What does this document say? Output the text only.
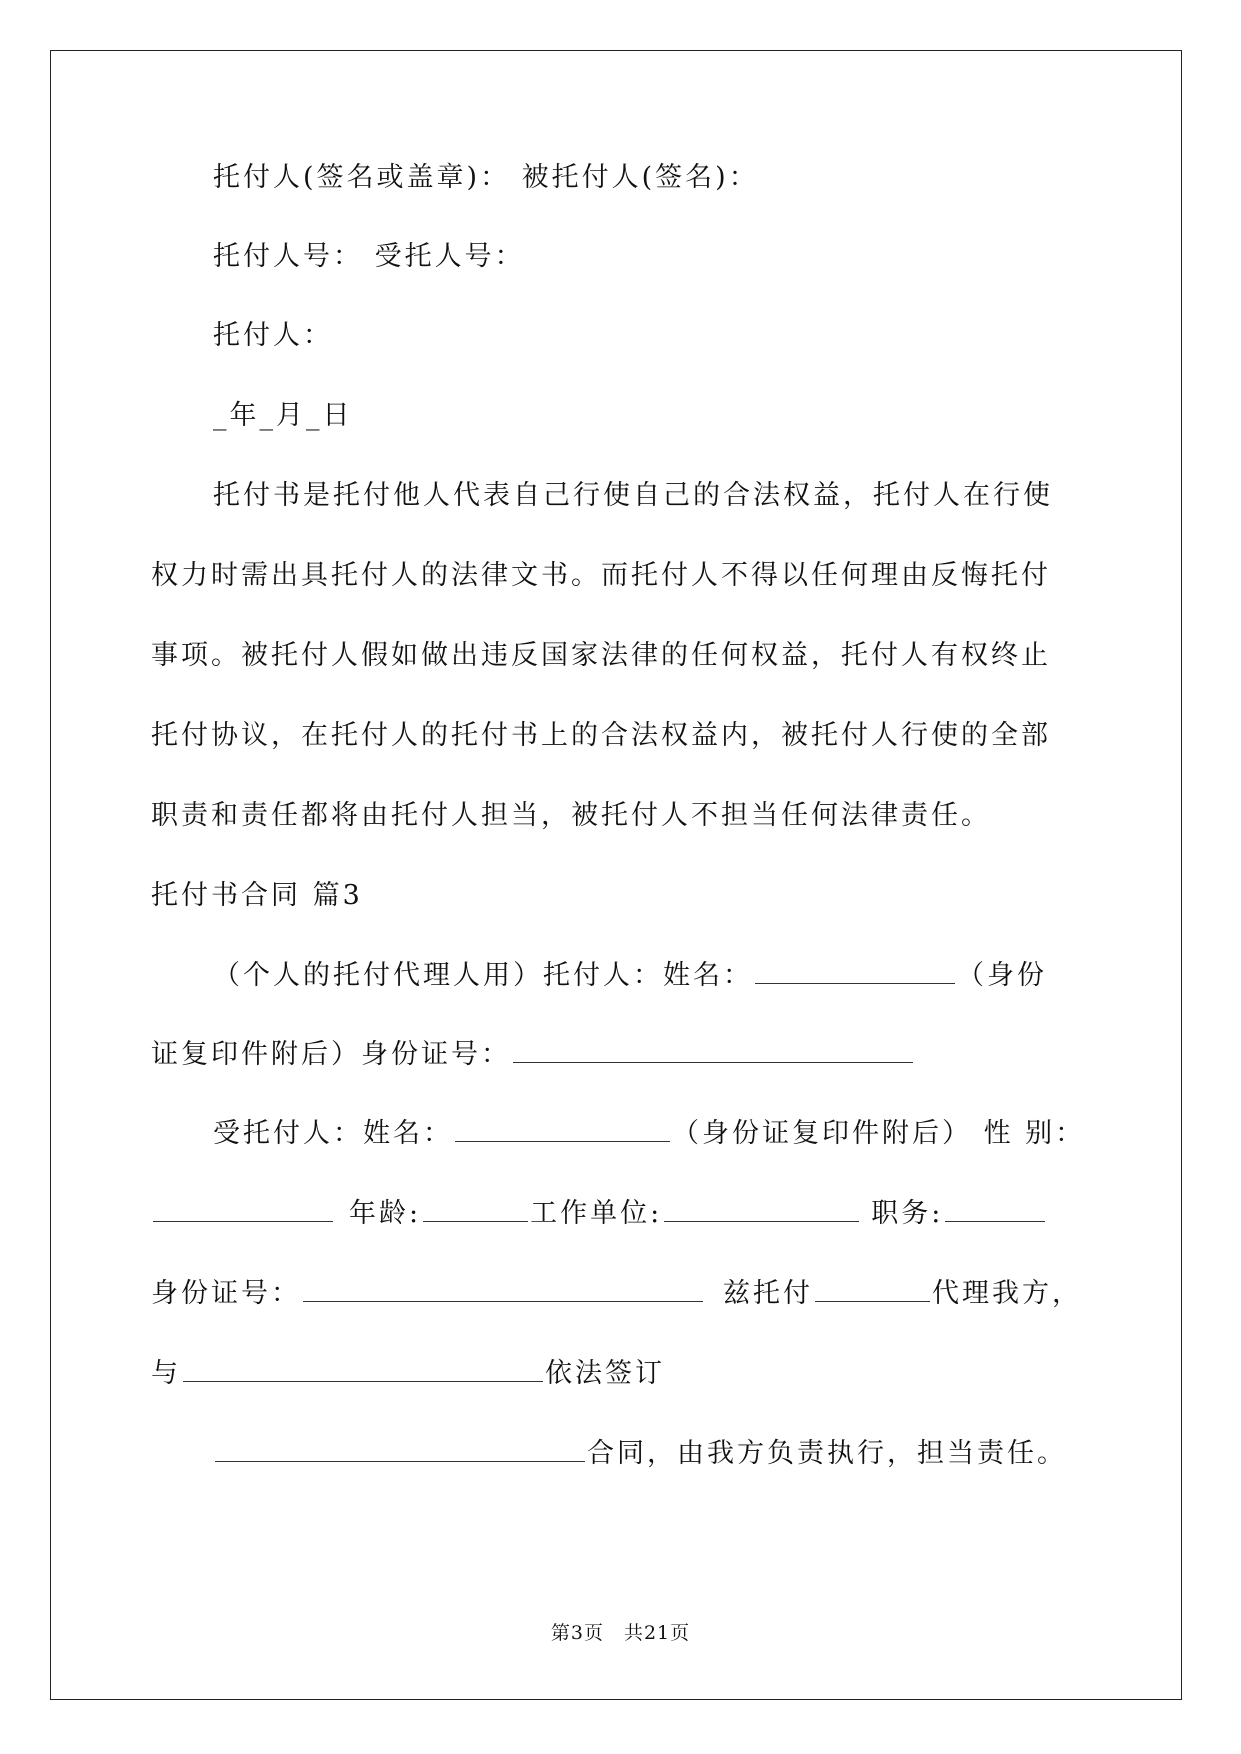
托付人(签名或盖章)： 被托付人(签名)：
托付人号： 受托人号：
托付人：
_年_月_日
托付书是托付他人代表自己行使自己的合法权益，托付人在行使
权力时需出具托付人的法律文书。而托付人不得以任何理由反悔托付
事项。被托付人假如做出违反国家法律的任何权益，托付人有权终止
托付协议，在托付人的托付书上的合法权益内，被托付人行使的全部
职责和责任都将由托付人担当，被托付人不担当任何法律责任。
托付书合同 篇3
（个人的托付代理人用）托付人：姓名：	（身份
证复印件附后）身份证号：
受托付人：姓名：	（身份证复印件附后） 性 别：
年龄:	工作单位:	职务:
身份证号：	兹托付	代理我方，
与	依法签订
合同，由我方负责执行，担当责任。
第3页 共21页
